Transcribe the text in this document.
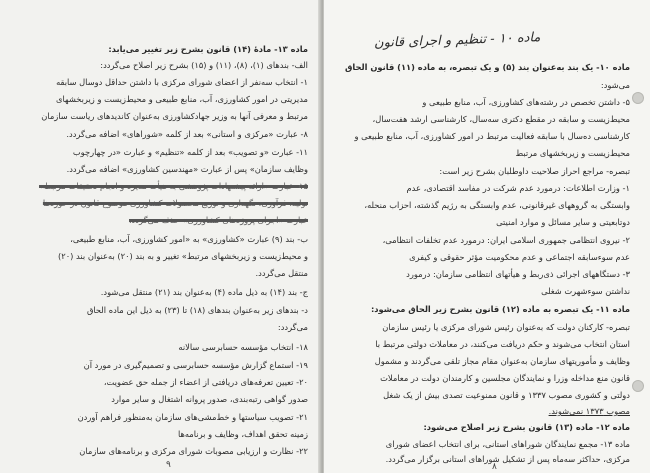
ماده ۱۳- مادهٔ (۱۴) قانون بشرح زیر تغییر می‌یابد:
الف- بندهای (۱)، (۸)، (۱۱) و (۱۵) بشرح زیر اصلاح می‌گردد:
۱- انتخاب سه‌نفر از اعضای شورای مرکزی با داشتن حداقل دوسال سابقه
مدیریتی در امور کشاورزی، آب، منابع طبیعی و محیط‌زیست و زیربخشهای
مرتبط و معرفی آنها به وزیر جهادکشاورزی به‌عنوان کاندیدهای ریاست سازمان
۸- عبارت «مرکزی و استانی» بعد از کلمه «شوراهای» اضافه می‌گردد.
۱۱- عبارت «و تصویب» بعد از کلمه «تنظیم» و عبارت «در چهارچوب
وظایف سازمان» پس از عبارت «مهندسین کشاورزی» اضافه می‌گردد.
۱۵- عبارت «ارائه پیشنهادات پژوهشی به هیأت مدیره و انجام تحقیقات مرتبط»
تولید، فرآوری، نگهداری و توزیع محصولات کشاورزی موضوع قانون در حوزه‌ها
عبارت «اجرای پروژه‌های کشاورزی» حذف می‌گردد.
ب- بند (۹) عبارت «کشاورزی» به «امور کشاورزی، آب، منابع طبیعی،
و محیط‌زیست و زیربخشهای مرتبط» تغییر و به بند (۲۰) به‌عنوان بند (۲۰)
منتقل می‌گردد.
ج- بند (۱۴) به ذیل ماده (۴) به‌عنوان بند (۲۱) منتقل می‌شود.
د- بندهای زیر به‌عنوان بندهای (۱۸) تا (۲۳) به ذیل این ماده الحاق
می‌گردد:
۱۸- انتخاب مؤسسه حسابرسی سالانه
۱۹- استماع گزارش مؤسسه حسابرسی و تصمیم‌گیری در مورد آن
۲۰- تعیین تعرفه‌های دریافتی از اعضاء از جمله حق عضویت،
صدور گواهی رتبه‌بندی، صدور پروانه اشتغال و سایر موارد
۲۱- تصویب سیاستها و خط‌مشی‌های سازمان به‌منظور فراهم آوردن
زمینه تحقق اهداف، وظایف و برنامه‌ها
۲۲- نظارت و ارزیابی مصوبات شورای مرکزی و برنامه‌های سازمان
۹
ماده ۱۰ - تنظیم و اجرای قانون
ماده ۱۰- یک بند به‌عنوان بند (۵) و یک تبصره، به ماده (۱۱) قانون الحاق
می‌شود:
۵- داشتن تخصص در رشته‌های کشاورزی، آب، منابع طبیعی و
محیط‌زیست و سابقه در مقطع دکتری سه‌سال، کارشناسی ارشد هفت‌سال،
کارشناسی ده‌سال با سابقه فعالیت مرتبط در امور کشاورزی، آب، منابع طبیعی و
محیط‌زیست و زیربخشهای مرتبط
تبصره- مراجع احراز صلاحیت داوطلبان بشرح زیر است:
۱- وزارت اطلاعات: درمورد عدم شرکت در مفاسد اقتصادی، عدم
وابستگی به گروههای غیرقانونی، عدم وابستگی به رژیم گذشته، احزاب منحله،
دوتابعیتی و سایر مسائل و موارد امنیتی
۲- نیروی انتظامی جمهوری اسلامی ایران: درمورد عدم تخلفات انتظامی،
عدم سوءسابقه اجتماعی و عدم محکومیت مؤثر حقوقی و کیفری
۳- دستگاههای اجرائی ذی‌ربط و هیأتهای انتظامی سازمان: درمورد
نداشتن سوءشهرت شغلی
ماده ۱۱- یک تبصره به ماده (۱۲) قانون بشرح زیر الحاق می‌شود:
تبصره- کارکنان دولت که به‌عنوان رئیس شورای مرکزی یا رئیس سازمان
استان انتخاب می‌شوند و حکم دریافت می‌کنند، در معاملات دولتی مرتبط با
وظایف و مأموریتهای سازمان به‌عنوان مقام مجاز تلقی می‌گردند و مشمول
قانون منع مداخله وزرا و نمایندگان مجلسین و کارمندان دولت در معاملات
دولتی و کشوری مصوب ۱۳۳۷ و قانون ممنوعیت تصدی بیش از یک شغل
مصوب ۱۳۷۳ نمی‌شوند.
ماده ۱۲- ماده (۱۳) قانون بشرح زیر اصلاح می‌شود:
ماده ۱۳- مجمع نمایندگان شوراهای استانی، برای انتخاب اعضای شورای
مرکزی، حداکثر سه‌ماه پس از تشکیل شوراهای استانی برگزار می‌گردد.
۸
